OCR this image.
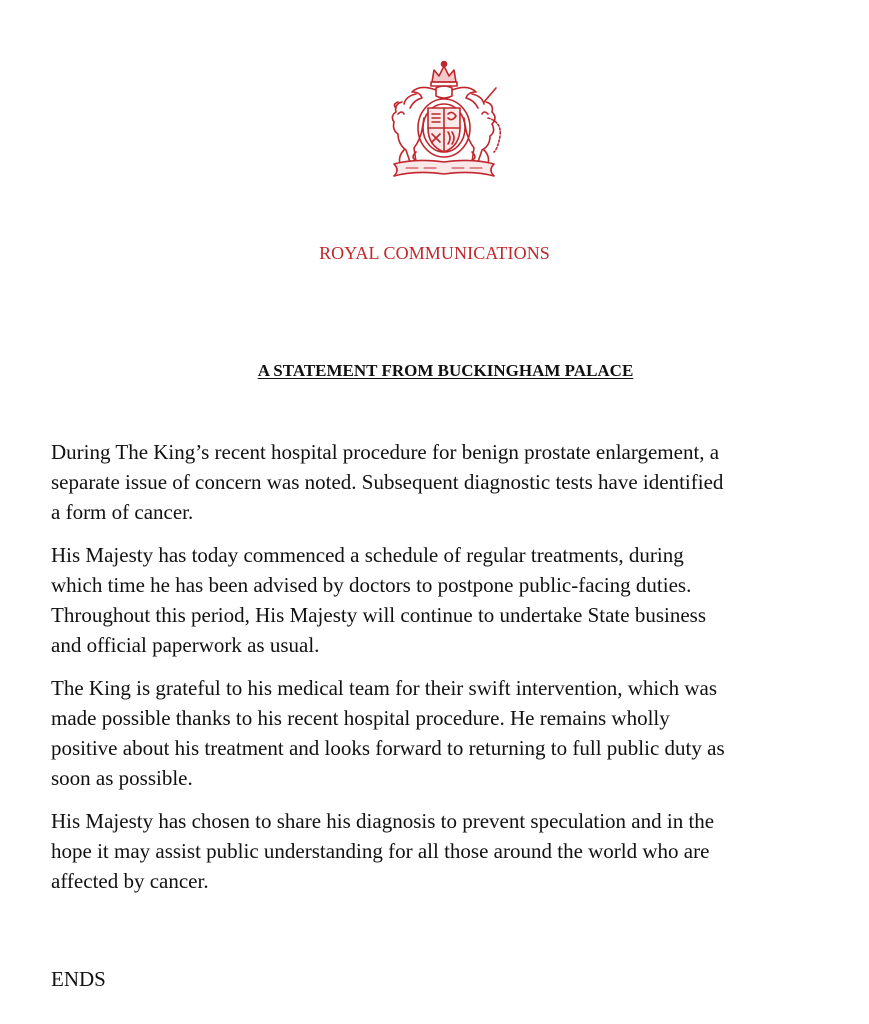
ROYAL COMMUNICATIONS
A STATEMENT FROM BUCKINGHAM PALACE
During The King’s recent hospital procedure for benign prostate enlargement, a
separate issue of concern was noted. Subsequent diagnostic tests have identified
a form of cancer.
His Majesty has today commenced a schedule of regular treatments, during
which time he has been advised by doctors to postpone public-facing duties.
Throughout this period, His Majesty will continue to undertake State business
and official paperwork as usual.
The King is grateful to his medical team for their swift intervention, which was
made possible thanks to his recent hospital procedure. He remains wholly
positive about his treatment and looks forward to returning to full public duty as
soon as possible.
His Majesty has chosen to share his diagnosis to prevent speculation and in the
hope it may assist public understanding for all those around the world who are
affected by cancer.
ENDS
